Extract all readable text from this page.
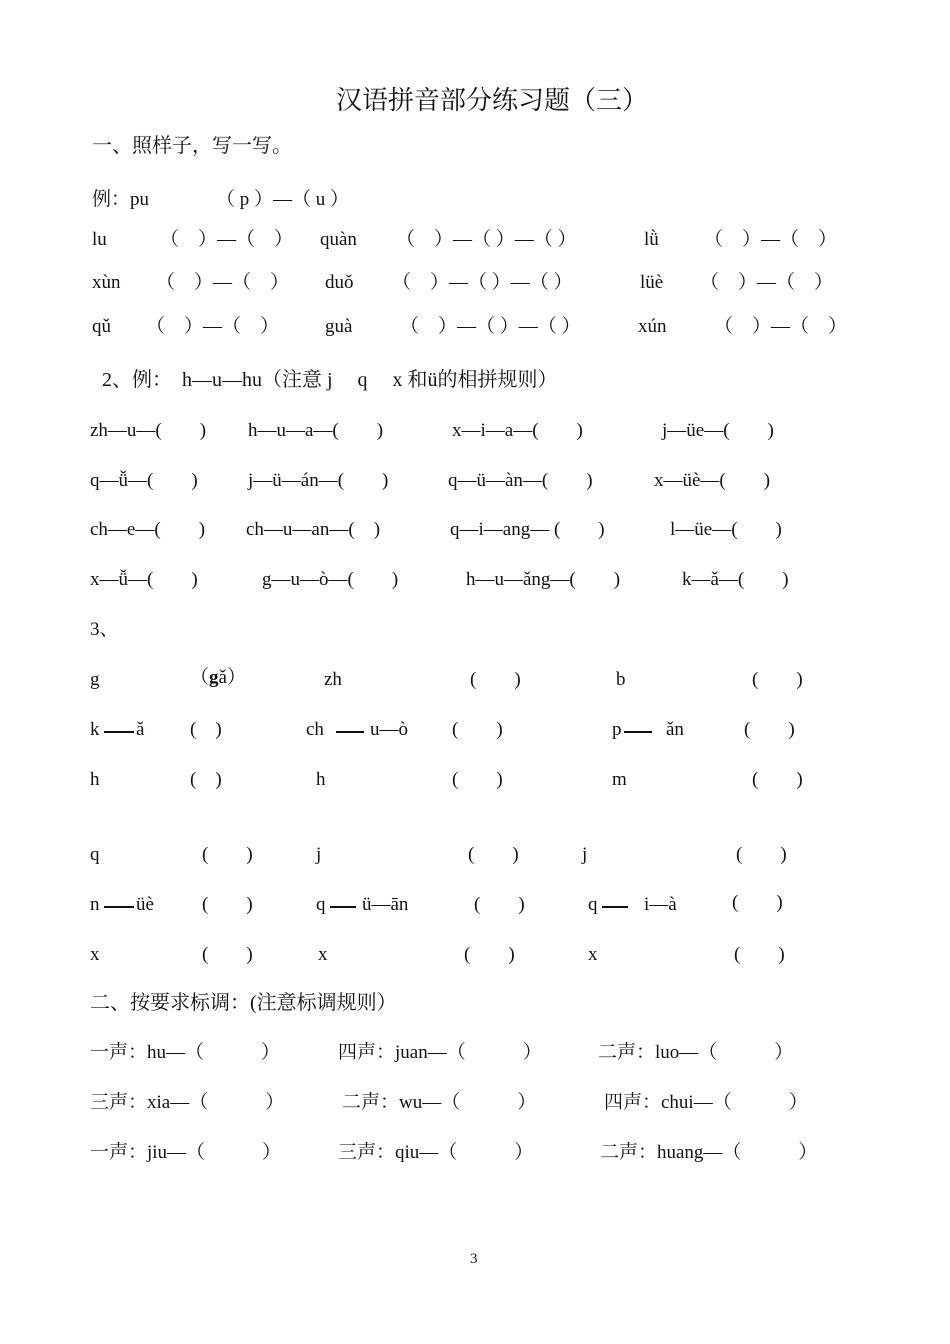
汉语拼音部分练习题（三）
一、照样子，写一写。
例：pu	（ p ）—（ u ）
lu	（　）—（　） quàn （　）—（ ）—（ ）	lǜ （　）—（　）
xùn （　）—（　） duǒ （　）—（ ）—（ ）	lüè （　）—（　）
qǔ （　）—（　） guà	（　）—（ ）—（ ）	xún	（　）—（　）
2、例：　h—u—hu（注意 j　 q　 x 和ü的相拼规则）
zh—u—(　　) h—u—a—(　　)	x—i—a—(　　)	j—üe—(　　)
q—ǚ—(　　)	j—ü—án—(　　)	q—ü—àn—(　　)	x—üè—(　　)
ch—e—(　　) ch—u—an—(　)	q—i—ang— (　　)	l—üe—(　　)
x—ǚ—(　　)	g—u—ò—(　　)	h—u—ǎng—(　　)	k—ǎ—(　　)
3、
g	（gǎ）	zh	(　　)	b	(　　)
k ǎ (　)	ch u—ò (　　)	p ǎn	(　　)
h	(　)	h	(　　)	m	(　　)
q	(　　)	j	(　　)	j	(　　)
n üè	(　　)	q ü—ān	(　　)	q i—à	(　　)
x	(　　)	x	(　　)	x	(　　)
二、按要求标调：(注意标调规则）
一声：hu—（　　　）	四声：juan—（　　　）	二声：luo—（　　　）
三声：xia—（　　　）	二声：wu—（　　　）	四声：chui—（　　　）
一声：jiu—（　　　）	三声：qiu—（　　　）	二声：huang—（　　　）
3
